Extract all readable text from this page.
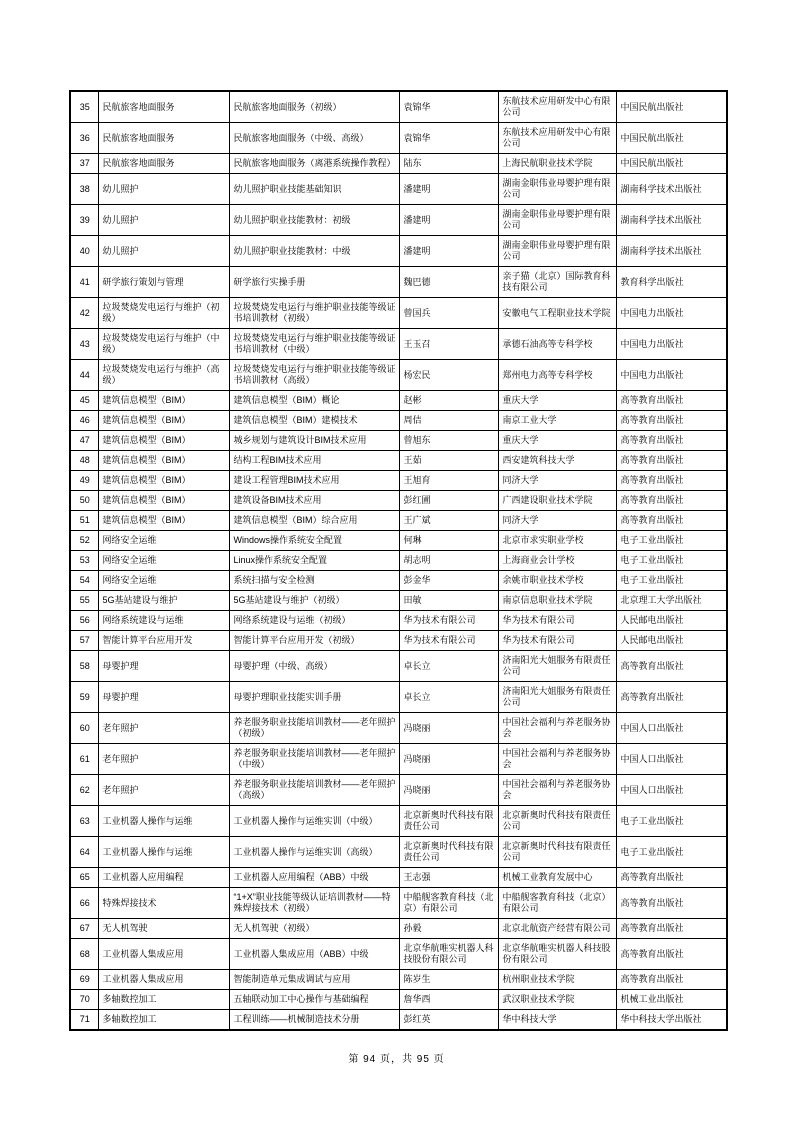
35	民航旅客地面服务	民航旅客地面服务（初级）	袁锦华	东航技术应用研发中心有限公司	中国民航出版社
36	民航旅客地面服务	民航旅客地面服务（中级、高级）	袁锦华	东航技术应用研发中心有限公司	中国民航出版社
37	民航旅客地面服务	民航旅客地面服务（离港系统操作教程）	陆东	上海民航职业技术学院	中国民航出版社
38	幼儿照护	幼儿照护职业技能基础知识	潘建明	湖南金职伟业母婴护理有限公司	湖南科学技术出版社
39	幼儿照护	幼儿照护职业技能教材：初级	潘建明	湖南金职伟业母婴护理有限公司	湖南科学技术出版社
40	幼儿照护	幼儿照护职业技能教材：中级	潘建明	湖南金职伟业母婴护理有限公司	湖南科学技术出版社
41	研学旅行策划与管理	研学旅行实操手册	魏巴德	亲子猫（北京）国际教育科技有限公司	教育科学出版社
42	垃圾焚烧发电运行与维护（初级）	垃圾焚烧发电运行与维护职业技能等级证书培训教材（初级）	曾国兵	安徽电气工程职业技术学院	中国电力出版社
43	垃圾焚烧发电运行与维护（中级）	垃圾焚烧发电运行与维护职业技能等级证书培训教材（中级）	王玉召	承德石油高等专科学校	中国电力出版社
44	垃圾焚烧发电运行与维护（高级）	垃圾焚烧发电运行与维护职业技能等级证书培训教材（高级）	杨宏民	郑州电力高等专科学校	中国电力出版社
45	建筑信息模型（BIM）	建筑信息模型（BIM）概论	赵彬	重庆大学	高等教育出版社
46	建筑信息模型（BIM）	建筑信息模型（BIM）建模技术	周佶	南京工业大学	高等教育出版社
47	建筑信息模型（BIM）	城乡规划与建筑设计BIM技术应用	曾旭东	重庆大学	高等教育出版社
48	建筑信息模型（BIM）	结构工程BIM技术应用	王茹	西安建筑科技大学	高等教育出版社
49	建筑信息模型（BIM）	建设工程管理BIM技术应用	王旭育	同济大学	高等教育出版社
50	建筑信息模型（BIM）	建筑设备BIM技术应用	彭红圃	广西建设职业技术学院	高等教育出版社
51	建筑信息模型（BIM）	建筑信息模型（BIM）综合应用	王广斌	同济大学	高等教育出版社
52	网络安全运维	Windows操作系统安全配置	何琳	北京市求实职业学校	电子工业出版社
53	网络安全运维	Linux操作系统安全配置	胡志明	上海商业会计学校	电子工业出版社
54	网络安全运维	系统扫描与安全检测	彭金华	余姚市职业技术学校	电子工业出版社
55	5G基站建设与维护	5G基站建设与维护（初级）	田敏	南京信息职业技术学院	北京理工大学出版社
56	网络系统建设与运维	网络系统建设与运维（初级）	华为技术有限公司	华为技术有限公司	人民邮电出版社
57	智能计算平台应用开发	智能计算平台应用开发（初级）	华为技术有限公司	华为技术有限公司	人民邮电出版社
58	母婴护理	母婴护理（中级、高级）	卓长立	济南阳光大姐服务有限责任公司	高等教育出版社
59	母婴护理	母婴护理职业技能实训手册	卓长立	济南阳光大姐服务有限责任公司	高等教育出版社
60	老年照护	养老服务职业技能培训教材——老年照护（初级）	冯晓丽	中国社会福利与养老服务协会	中国人口出版社
61	老年照护	养老服务职业技能培训教材——老年照护（中级）	冯晓丽	中国社会福利与养老服务协会	中国人口出版社
62	老年照护	养老服务职业技能培训教材——老年照护（高级）	冯晓丽	中国社会福利与养老服务协会	中国人口出版社
63	工业机器人操作与运维	工业机器人操作与运维实训（中级）	北京新奥时代科技有限责任公司	北京新奥时代科技有限责任公司	电子工业出版社
64	工业机器人操作与运维	工业机器人操作与运维实训（高级）	北京新奥时代科技有限责任公司	北京新奥时代科技有限责任公司	电子工业出版社
65	工业机器人应用编程	工业机器人应用编程（ABB）中级	王志强	机械工业教育发展中心	高等教育出版社
66	特殊焊接技术	“1+X”职业技能等级认证培训教材——特殊焊接技术（初级）	中船舰客教育科技（北京）有限公司	中船舰客教育科技（北京）有限公司	高等教育出版社
67	无人机驾驶	无人机驾驶（初级）	孙毅	北京北航资产经营有限公司	高等教育出版社
68	工业机器人集成应用	工业机器人集成应用（ABB）中级	北京华航唯实机器人科技股份有限公司	北京华航唯实机器人科技股份有限公司	高等教育出版社
69	工业机器人集成应用	智能制造单元集成调试与应用	陈岁生	杭州职业技术学院	高等教育出版社
70	多轴数控加工	五轴联动加工中心操作与基础编程	詹华西	武汉职业技术学院	机械工业出版社
71	多轴数控加工	工程训练——机械制造技术分册	彭红英	华中科技大学	华中科技大学出版社
第 94 页，共 95 页
